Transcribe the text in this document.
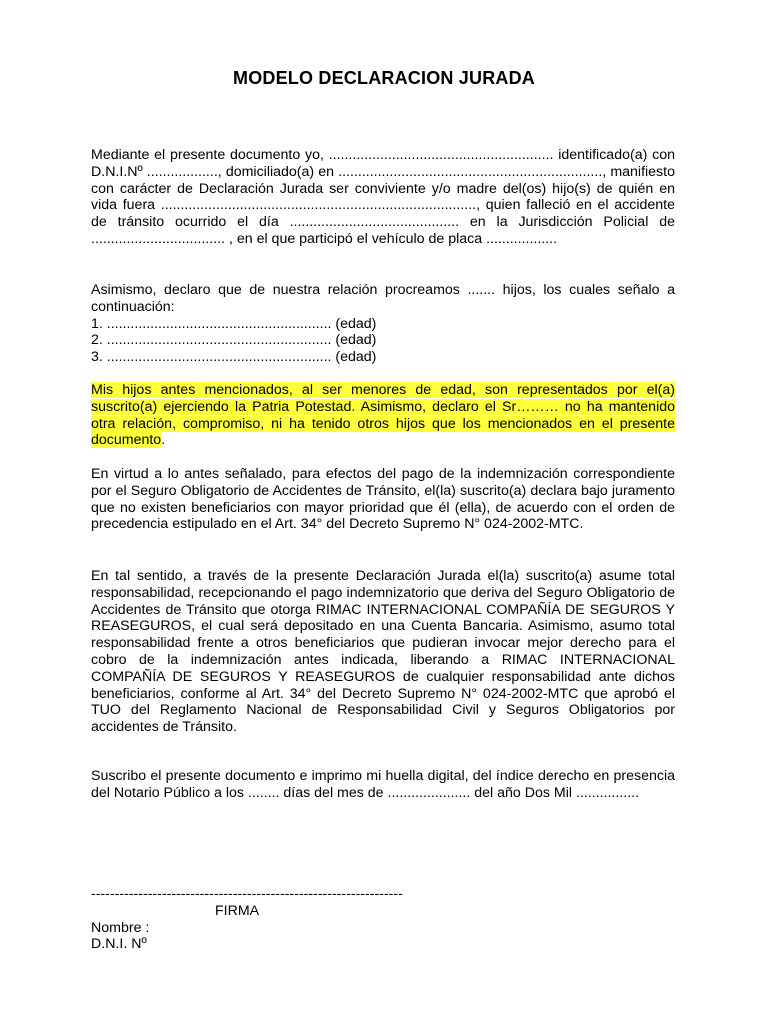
MODELO DECLARACION JURADA

Mediante el presente documento yo, ......................................................... identificado(a) con D.N.I.Nº .................., domiciliado(a) en ..................................................................., manifiesto con carácter de Declaración Jurada ser conviviente y/o madre del(os) hijo(s) de quién en vida fuera ................................................................................, quien falleció en el accidente de tránsito ocurrido el día ........................................... en la Jurisdicción Policial de .................................. , en el que participó el vehículo de placa ..................

Asimismo, declaro que de nuestra relación procreamos ....... hijos, los cuales señalo a continuación:

1. ......................................................... (edad)
2. ......................................................... (edad)
3. ......................................................... (edad)

Mis hijos antes mencionados, al ser menores de edad, son representados por el(a) suscrito(a) ejerciendo la Patria Potestad. Asimismo, declaro el Sr……… no ha mantenido otra relación, compromiso, ni ha tenido otros hijos que los mencionados en el presente documento.

En virtud a lo antes señalado, para efectos del pago de la indemnización correspondiente por el Seguro Obligatorio de Accidentes de Tránsito, el(la) suscrito(a) declara bajo juramento que no existen beneficiarios con mayor prioridad que él (ella), de acuerdo con el orden de precedencia estipulado en el Art. 34° del Decreto Supremo N° 024-2002-MTC.

En tal sentido, a través de la presente Declaración Jurada el(la) suscrito(a) asume total responsabilidad, recepcionando el pago indemnizatorio que deriva del Seguro Obligatorio de Accidentes de Tránsito que otorga RIMAC INTERNACIONAL COMPAÑÍA DE SEGUROS Y REASEGUROS, el cual será depositado en una Cuenta Bancaria. Asimismo, asumo total responsabilidad frente a otros beneficiarios que pudieran invocar mejor derecho para el cobro de la indemnización antes indicada, liberando a RIMAC INTERNACIONAL COMPAÑÍA DE SEGUROS Y REASEGUROS de cualquier responsabilidad ante dichos beneficiarios, conforme al Art. 34° del Decreto Supremo N° 024-2002-MTC que aprobó el TUO del Reglamento Nacional de Responsabilidad Civil y Seguros Obligatorios por accidentes de Tránsito.

Suscribo el presente documento e imprimo mi huella digital, del índice derecho en presencia del Notario Público a los ........ días del mes de ..................... del año Dos Mil ................

------------------------------------------------------------------
FIRMA
Nombre :
D.N.I. Nº
